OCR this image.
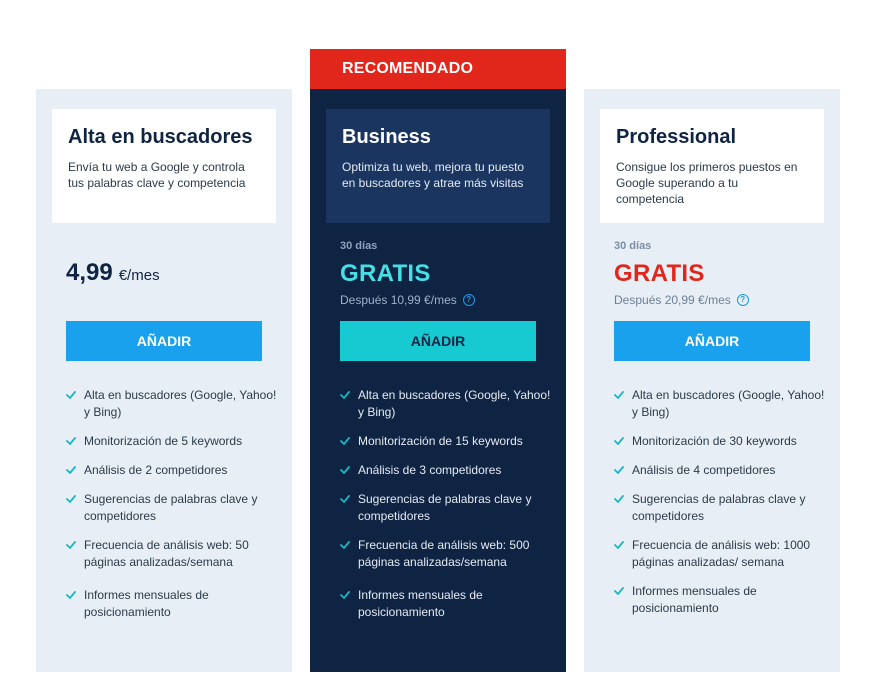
RECOMENDADO
Alta en buscadores
Envía tu web a Google y controla tus palabras clave y competencia
4,99 €/mes
AÑADIR
Alta en buscadores (Google, Yahoo! y Bing)
Monitorización de 5 keywords
Análisis de 2 competidores
Sugerencias de palabras clave y competidores
Frecuencia de análisis web: 50 páginas analizadas/semana
Informes mensuales de posicionamiento
Business
Optimiza tu web, mejora tu puesto en buscadores y atrae más visitas
30 días
GRATIS
Después 10,99 €/mes	?
AÑADIR
Alta en buscadores (Google, Yahoo! y Bing)
Monitorización de 15 keywords
Análisis de 3 competidores
Sugerencias de palabras clave y competidores
Frecuencia de análisis web: 500 páginas analizadas/semana
Informes mensuales de posicionamiento
Professional
Consigue los primeros puestos en Google superando a tu competencia
30 días
GRATIS
Después 20,99 €/mes	?
AÑADIR
Alta en buscadores (Google, Yahoo! y Bing)
Monitorización de 30 keywords
Análisis de 4 competidores
Sugerencias de palabras clave y competidores
Frecuencia de análisis web: 1000 páginas analizadas/ semana
Informes mensuales de posicionamiento
